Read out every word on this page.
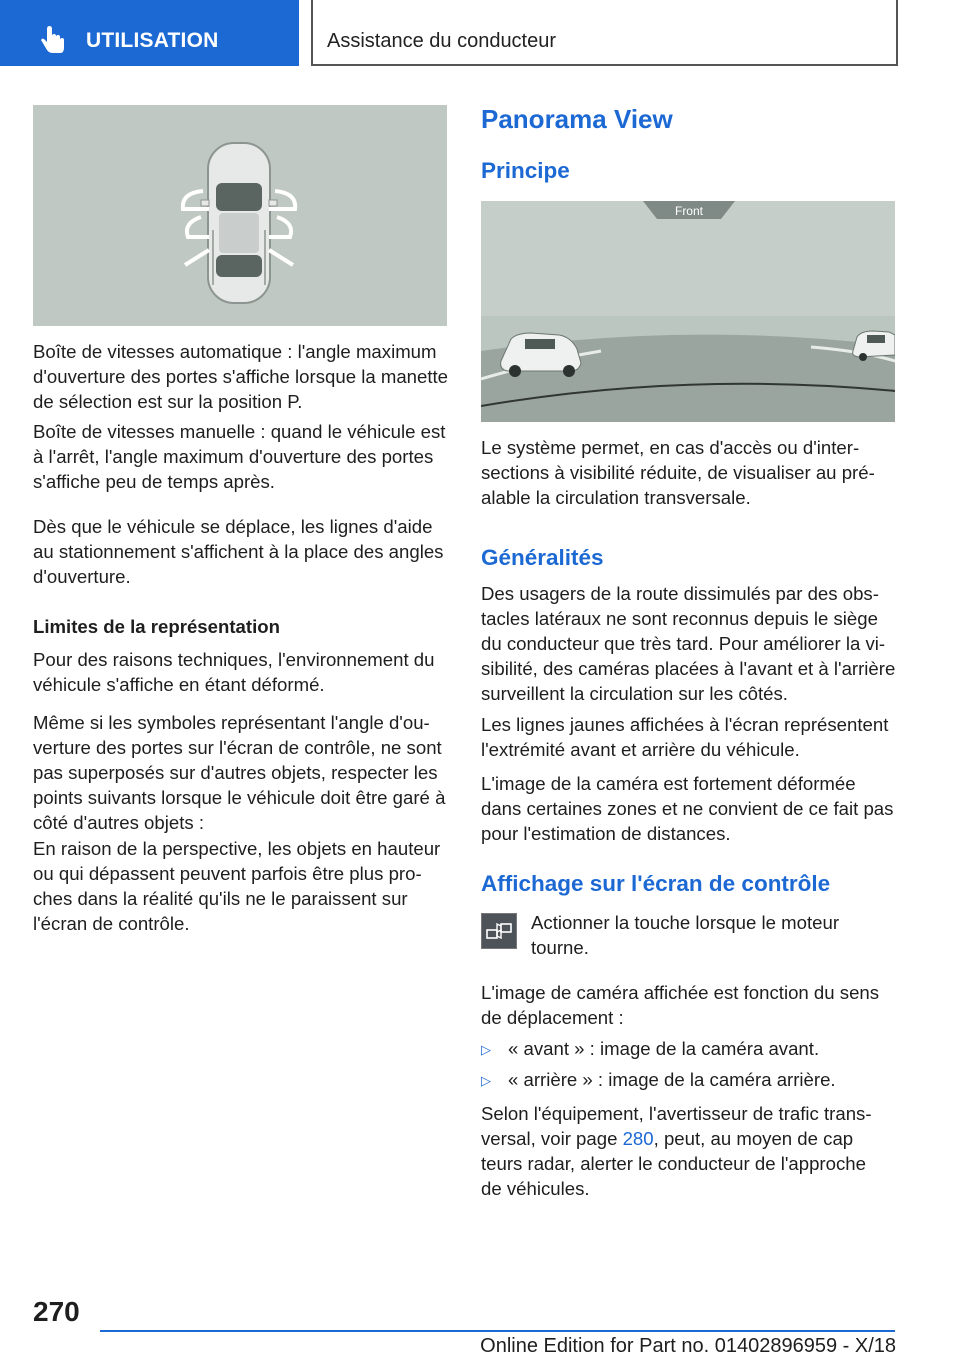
UTILISATION	Assistance du conducteur

Boîte de vitesses automatique : l'angle maximum d'ouverture des portes s'affiche lorsque la manette de sélection est sur la position P.

Boîte de vitesses manuelle : quand le véhicule est à l'arrêt, l'angle maximum d'ouverture des portes s'affiche peu de temps après.

Dès que le véhicule se déplace, les lignes d'aide au stationnement s'affichent à la place des angles d'ouverture.

Limites de la représentation

Pour des raisons techniques, l'environnement du véhicule s'affiche en étant déformé.

Même si les symboles représentant l'angle d'ouverture des portes sur l'écran de contrôle, ne sont pas superposés sur d'autres objets, respecter les points suivants lorsque le véhicule doit être garé à côté d'autres objets :

En raison de la perspective, les objets en hauteur ou qui dépassent peuvent parfois être plus proches dans la réalité qu'ils ne le paraissent sur l'écran de contrôle.

Panorama View
Principe
Front

Le système permet, en cas d'accès ou d'intersections à visibilité réduite, de visualiser au préalable la circulation transversale.

Généralités

Des usagers de la route dissimulés par des obstacles latéraux ne sont reconnus depuis le siège du conducteur que très tard. Pour améliorer la visibilité, des caméras placées à l'avant et à l'arrière surveillent la circulation sur les côtés.

Les lignes jaunes affichées à l'écran représentent l'extrémité avant et arrière du véhicule.

L'image de la caméra est fortement déformée dans certaines zones et ne convient de ce fait pas pour l'estimation de distances.

Affichage sur l'écran de contrôle

Actionner la touche lorsque le moteur tourne.

L'image de caméra affichée est fonction du sens de déplacement :

▷ « avant » : image de la caméra avant.

▷ « arrière » : image de la caméra arrière.

Selon l'équipement, l'avertisseur de trafic transversal, voir page 280, peut, au moyen de cap
teurs radar, alerter le conducteur de l'approche
de véhicules.

270
Online Edition for Part no. 01402896959 - X/18
